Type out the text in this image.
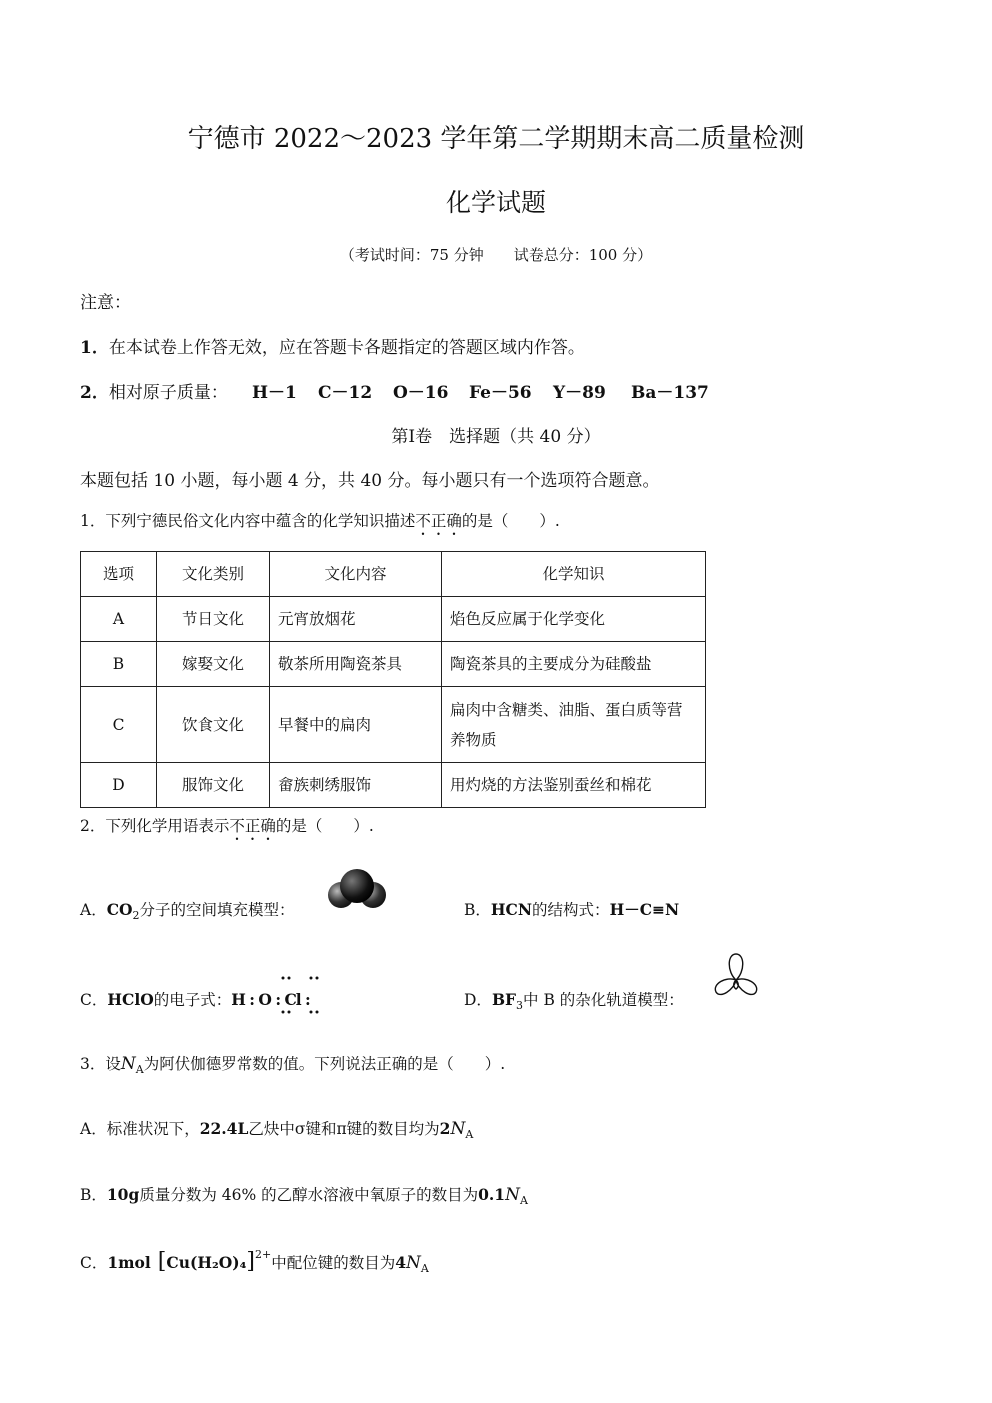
宁德市 2022～2023 学年第二学期期末高二质量检测
化学试题
（考试时间：75 分钟　　试卷总分：100 分）
注意：
1．在本试卷上作答无效，应在答题卡各题指定的答题区域内作答。
2．相对原子质量： H－1 C－12 O－16 Fe－56 Y－89 Ba－137
第Ⅰ卷　选择题（共 40 分）
本题包括 10 小题，每小题 4 分，共 40 分。每小题只有一个选项符合题意。
1．下列宁德民俗文化内容中蕴含的化学知识描述不正确的是（　　）.
选项	文化类别	文化内容	化学知识
A	节日文化	元宵放烟花	焰色反应属于化学变化
B	嫁娶文化	敬茶所用陶瓷茶具	陶瓷茶具的主要成分为硅酸盐
C	饮食文化	早餐中的扁肉	扁肉中含糖类、油脂、蛋白质等营养物质
D	服饰文化	畲族刺绣服饰	用灼烧的方法鉴别蚕丝和棉花
2．下列化学用语表示不正确的是（　　）.
A．$CO_2$分子的空间填充模型：	B．HCN的结构式：H－C≡N
C．HClO的电子式：H : O : Cl :	D．$BF_3$中 B 的杂化轨道模型：
3．设$N_A$为阿伏伽德罗常数的值。下列说法正确的是（　　）.
A．标准状况下，22.4L乙炔中σ键和π键的数目均为$2N_A$
B．10g质量分数为 46% 的乙醇水溶液中氧原子的数目为$0.1N_A$
C．1mol $[Cu(H_2O)_4]^{2+}$中配位键的数目为$4N_A$
